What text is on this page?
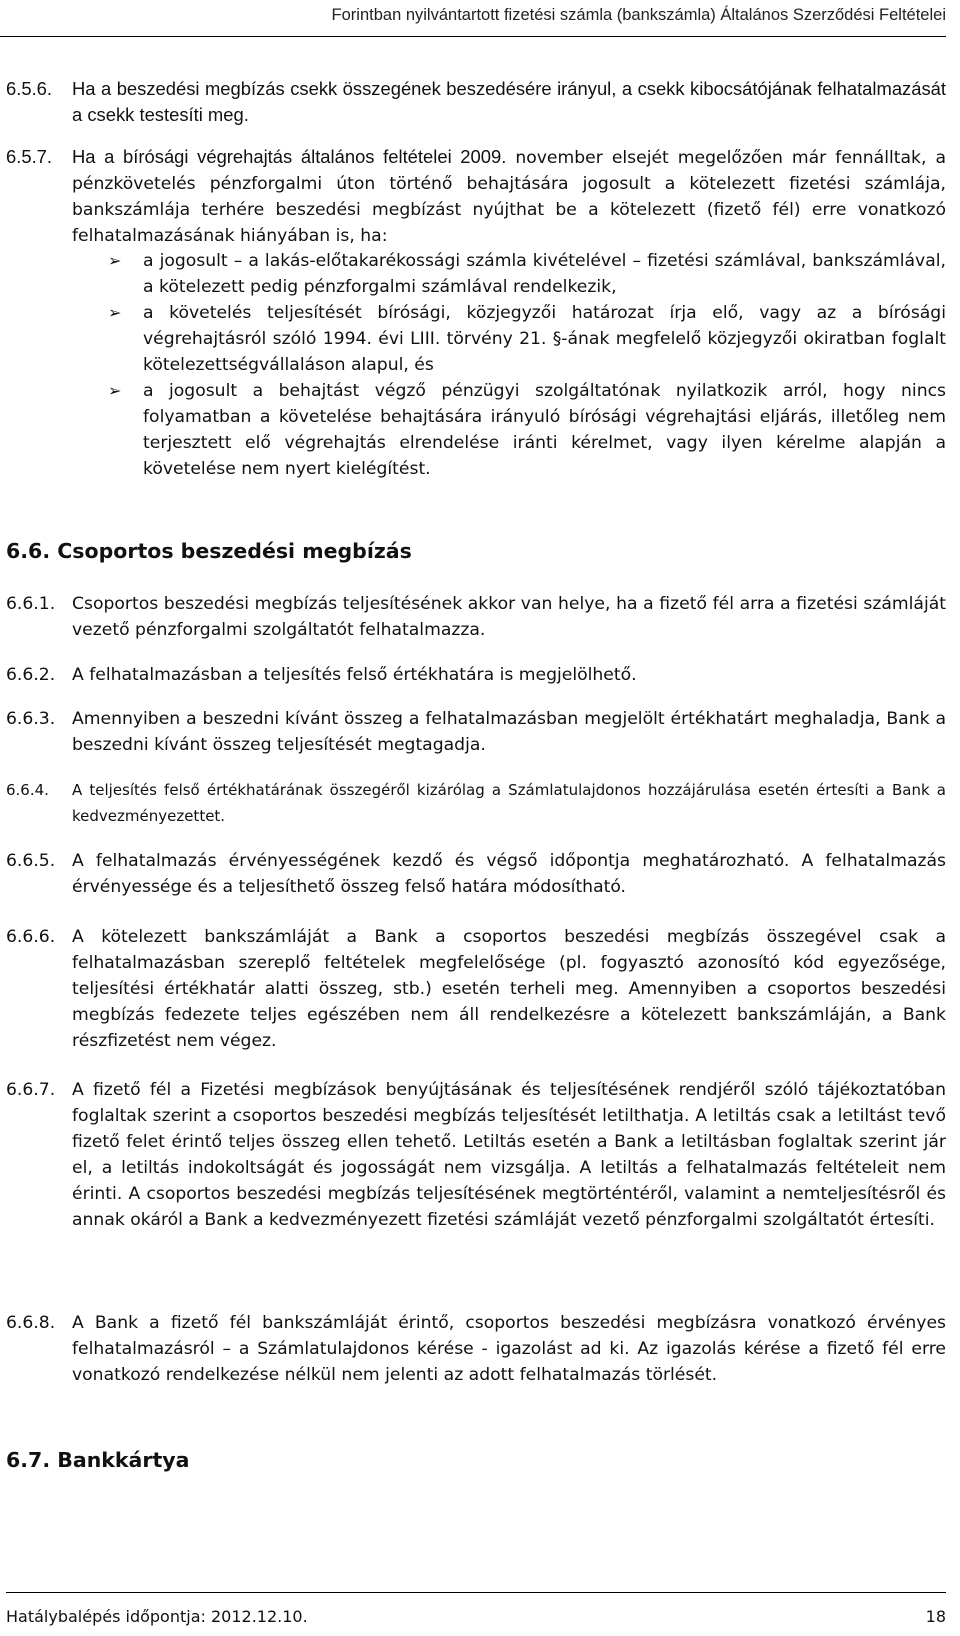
Forintban nyilvántartott fizetési számla (bankszámla) Általános Szerződési Feltételei

6.5.6. Ha a beszedési megbízás csekk összegének beszedésére irányul, a csekk kibocsátójának felhatalmazását a csekk testesíti meg.

6.5.7. Ha a bírósági végrehajtás általános feltételei 2009. november elsejét megelőzően már fennálltak, a pénzkövetelés pénzforgalmi úton történő behajtására jogosult a kötelezett fizetési számlája, bankszámlája terhére beszedési megbízást nyújthat be a kötelezett (fizető fél) erre vonatkozó felhatalmazásának hiányában is, ha:

➢ a jogosult – a lakás-előtakarékossági számla kivételével – fizetési számlával, bankszámlával, a kötelezett pedig pénzforgalmi számlával rendelkezik,
➢ a követelés teljesítését bírósági, közjegyzői határozat írja elő, vagy az a bírósági végrehajtásról szóló 1994. évi LIII. törvény 21. §-ának megfelelő közjegyzői okiratban foglalt kötelezettségvállaláson alapul, és
➢ a jogosult a behajtást végző pénzügyi szolgáltatónak nyilatkozik arról, hogy nincs folyamatban a követelése behajtására irányuló bírósági végrehajtási eljárás, illetőleg nem terjesztett elő végrehajtás elrendelése iránti kérelmet, vagy ilyen kérelme alapján a követelése nem nyert kielégítést.
6.6. Csoportos beszedési megbízás

6.6.1. Csoportos beszedési megbízás teljesítésének akkor van helye, ha a fizető fél arra a fizetési számláját vezető pénzforgalmi szolgáltatót felhatalmazza.

6.6.2. A felhatalmazásban a teljesítés felső értékhatára is megjelölhető.

6.6.3. Amennyiben a beszedni kívánt összeg a felhatalmazásban megjelölt értékhatárt meghaladja, Bank a beszedni kívánt összeg teljesítését megtagadja.

6.6.4. A teljesítés felső értékhatárának összegéről kizárólag a Számlatulajdonos hozzájárulása esetén értesíti a Bank a kedvezményezettet.

6.6.5. A felhatalmazás érvényességének kezdő és végső időpontja meghatározható. A felhatalmazás érvényessége és a teljesíthető összeg felső határa módosítható.

6.6.6. A kötelezett bankszámláját a Bank a csoportos beszedési megbízás összegével csak a felhatalmazásban szereplő feltételek megfelelősége (pl. fogyasztó azonosító kód egyezősége, teljesítési értékhatár alatti összeg, stb.) esetén terheli meg. Amennyiben a csoportos beszedési megbízás fedezete teljes egészében nem áll rendelkezésre a kötelezett bankszámláján, a Bank részfizetést nem végez.

6.6.7. A fizető fél a Fizetési megbízások benyújtásának és teljesítésének rendjéről szóló tájékoztatóban foglaltak szerint a csoportos beszedési megbízás teljesítését letilthatja. A letiltás csak a letiltást tevő fizető felet érintő teljes összeg ellen tehető. Letiltás esetén a Bank a letiltásban foglaltak szerint jár el, a letiltás indokoltságát és jogosságát nem vizsgálja. A letiltás a felhatalmazás feltételeit nem érinti. A csoportos beszedési megbízás teljesítésének megtörténtéről, valamint a nemteljesítésről és annak okáról a Bank a kedvezményezett fizetési számláját vezető pénzforgalmi szolgáltatót értesíti.

6.6.8. A Bank a fizető fél bankszámláját érintő, csoportos beszedési megbízásra vonatkozó érvényes felhatalmazásról – a Számlatulajdonos kérése - igazolást ad ki. Az igazolás kérése a fizető fél erre vonatkozó rendelkezése nélkül nem jelenti az adott felhatalmazás törlését.

6.7. Bankkártya
Hatálybalépés időpontja: 2012.12.10.	18
